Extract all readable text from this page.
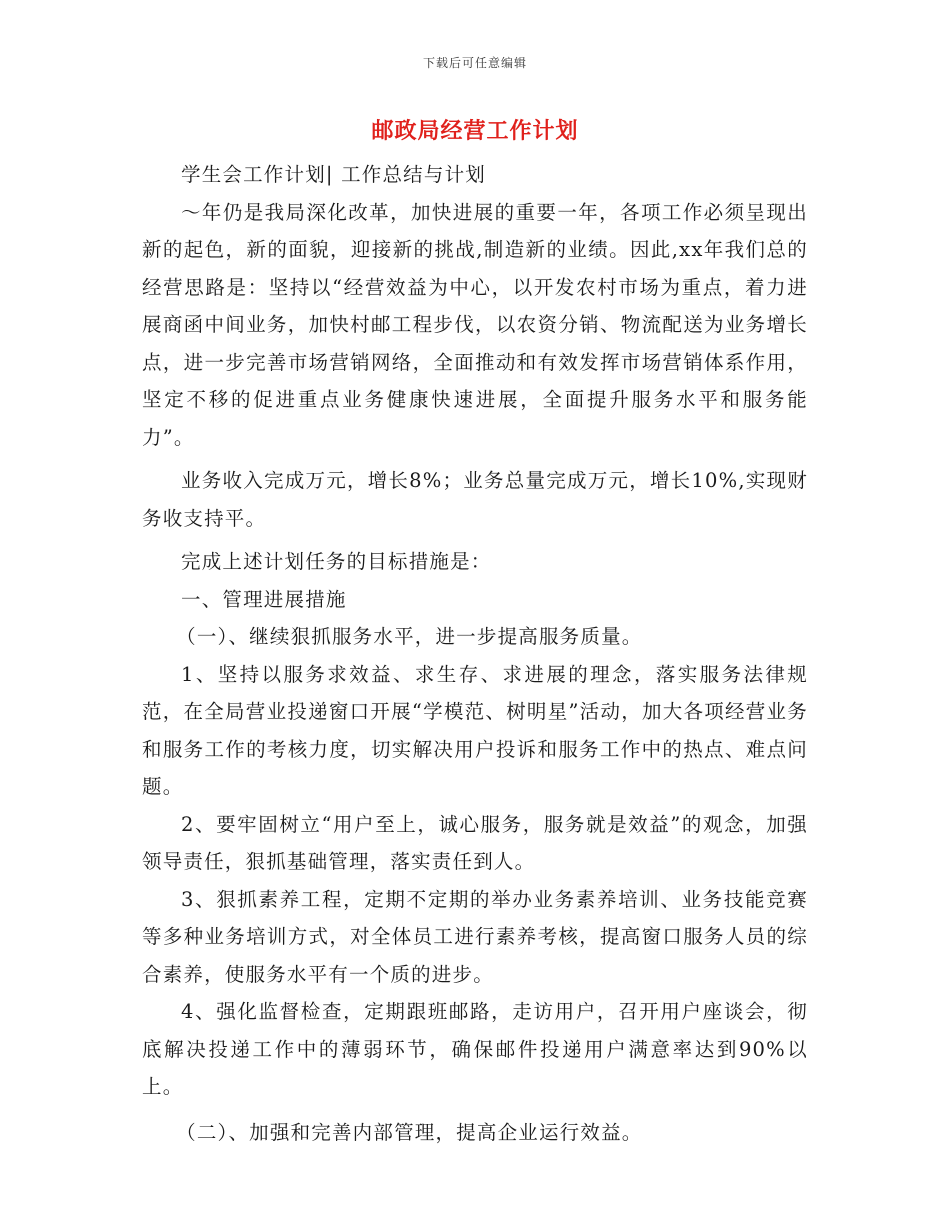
下载后可任意编辑
邮政局经营工作计划

学生会工作计划| 工作总结与计划

～年仍是我局深化改革，加快进展的重要一年，各项工作必须呈现出新的起色，新的面貌，迎接新的挑战,制造新的业绩。因此,xx年我们总的经营思路是：坚持以“经营效益为中心，以开发农村市场为重点，着力进展商函中间业务，加快村邮工程步伐，以农资分销、物流配送为业务增长点，进一步完善市场营销网络，全面推动和有效发挥市场营销体系作用，坚定不移的促进重点业务健康快速进展，全面提升服务水平和服务能力”。

业务收入完成万元，增长8%；业务总量完成万元，增长10%,实现财务收支持平。

完成上述计划任务的目标措施是：

一、管理进展措施

（一）、继续狠抓服务水平，进一步提高服务质量。

1、坚持以服务求效益、求生存、求进展的理念，落实服务法律规范，在全局营业投递窗口开展“学模范、树明星”活动，加大各项经营业务和服务工作的考核力度，切实解决用户投诉和服务工作中的热点、难点问题。

2、要牢固树立“用户至上，诚心服务，服务就是效益”的观念，加强领导责任，狠抓基础管理，落实责任到人。

3、狠抓素养工程，定期不定期的举办业务素养培训、业务技能竞赛等多种业务培训方式，对全体员工进行素养考核，提高窗口服务人员的综合素养，使服务水平有一个质的进步。

4、强化监督检查，定期跟班邮路，走访用户，召开用户座谈会，彻底解决投递工作中的薄弱环节，确保邮件投递用户满意率达到90%以上。

（二）、加强和完善内部管理，提高企业运行效益。
